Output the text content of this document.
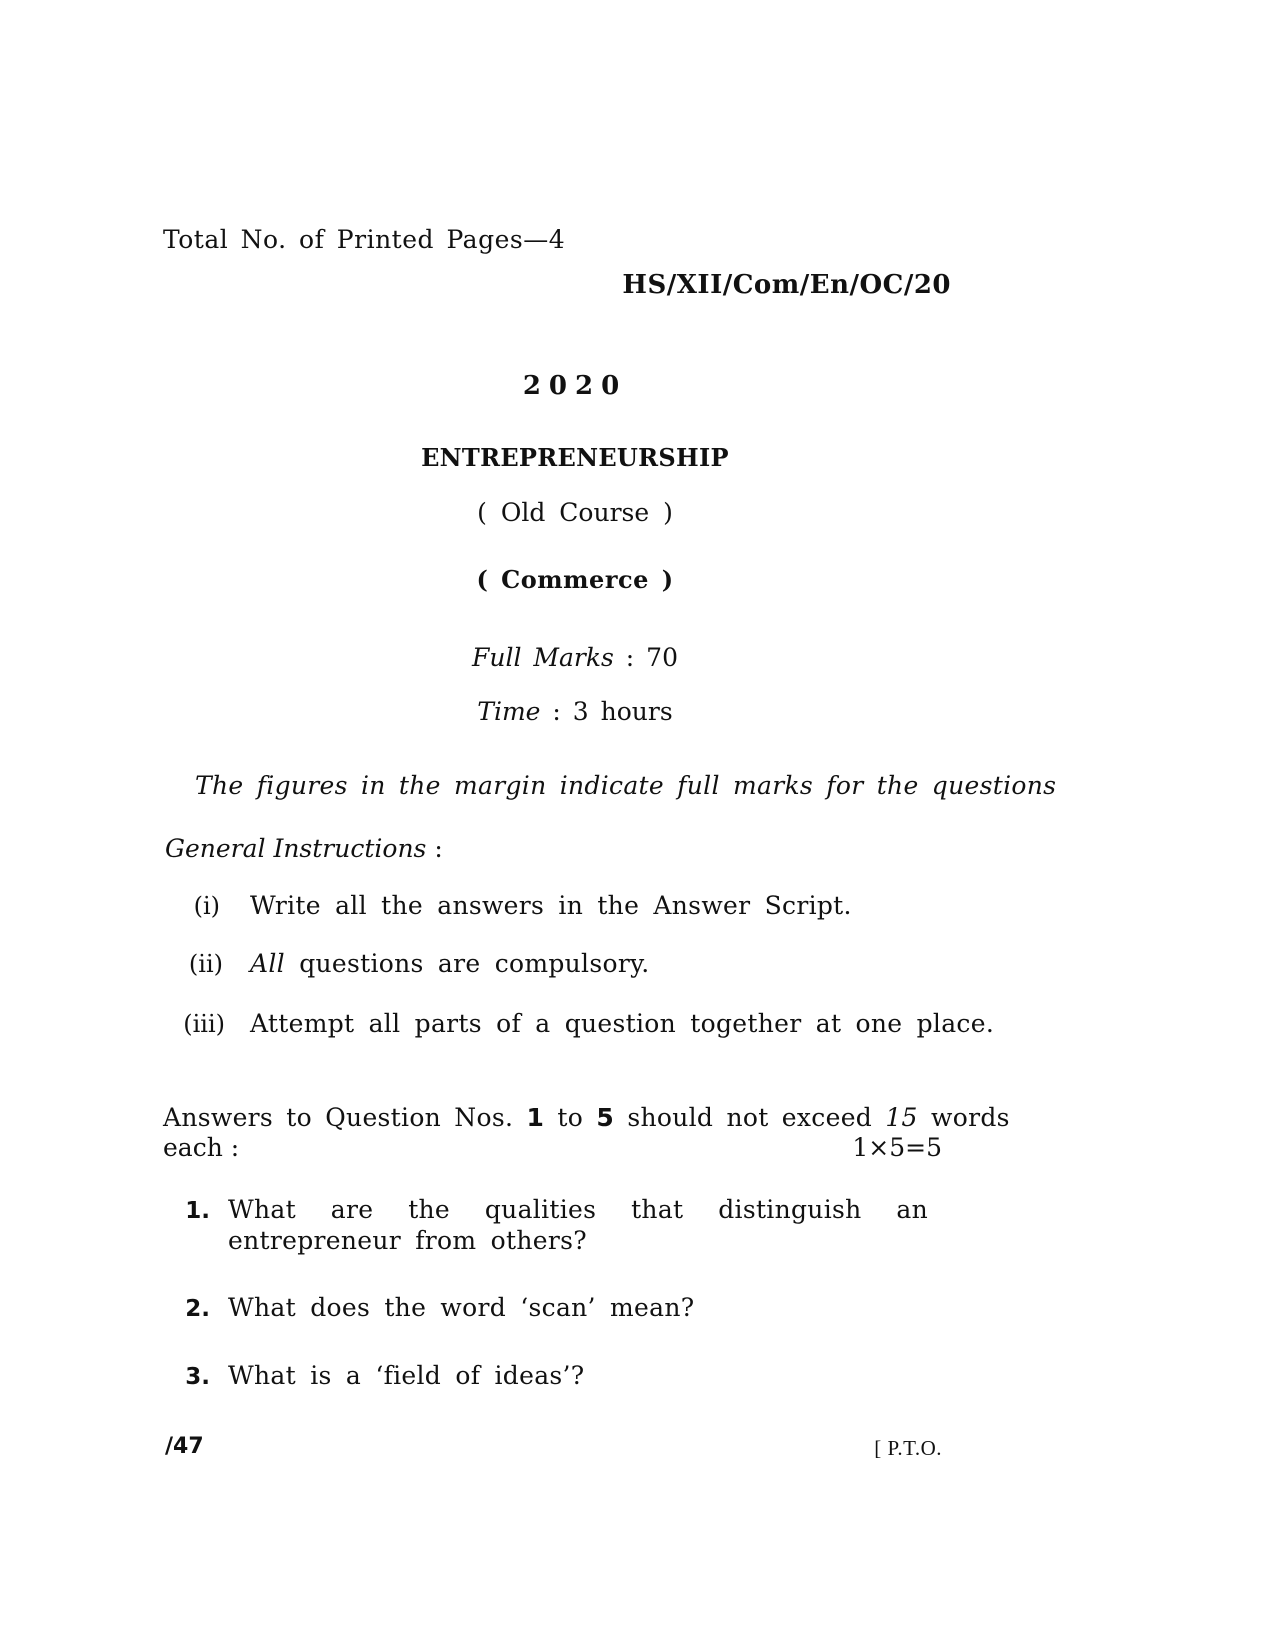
Total No. of Printed Pages—4
HS/XII/Com/En/OC/20
2020
ENTREPRENEURSHIP
( Old Course )
( Commerce )
Full Marks : 70
Time : 3 hours
The figures in the margin indicate full marks for the questions
General Instructions :
(i) Write all the answers in the Answer Script.
(ii) All questions are compulsory.
(iii) Attempt all parts of a question together at one place.
Answers to Question Nos. 1 to 5 should not exceed 15 words
each :	1×5=5
1. What are the qualities that distinguish an entrepreneur from others?
2. What does the word ‘scan’ mean?
3. What is a ‘field of ideas’?
/47	[ P.T.O.
